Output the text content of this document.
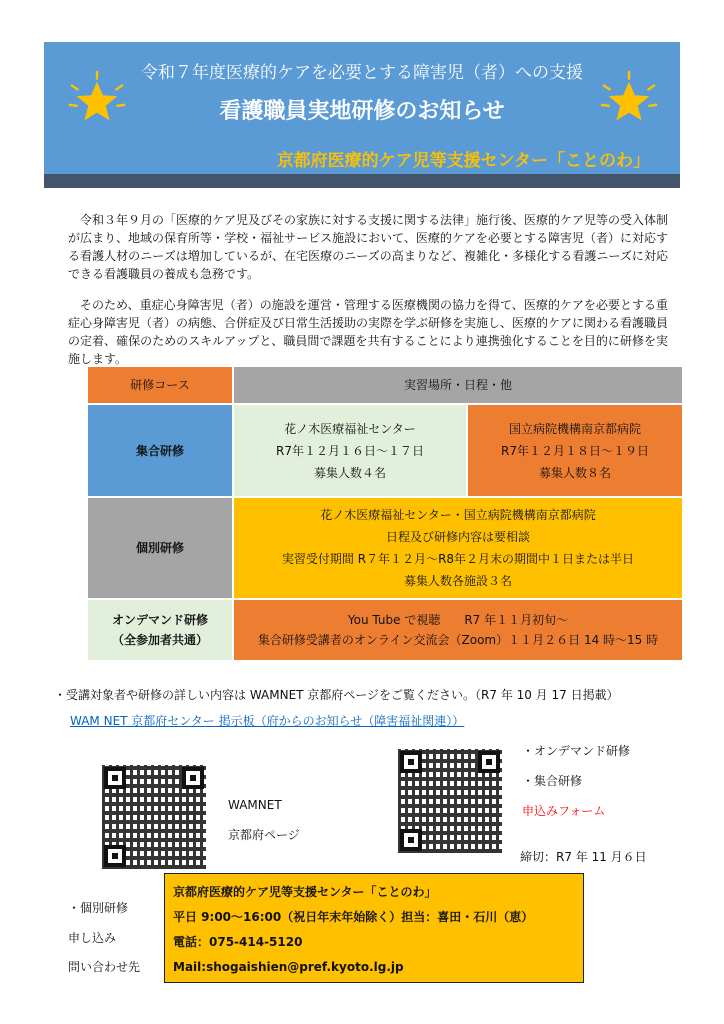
令和７年度医療的ケアを必要とする障害児（者）への支援
看護職員実地研修のお知らせ
京都府医療的ケア児等支援センター「ことのわ」
令和３年９月の「医療的ケア児及びその家族に対する支援に関する法律」施行後、医療的ケア児等の受入体制が広まり、地域の保育所等・学校・福祉サービス施設において、医療的ケアを必要とする障害児（者）に対応する看護人材のニーズは増加しているが、在宅医療のニーズの高まりなど、複雑化・多様化する看護ニーズに対応できる看護職員の養成も急務です。
そのため、重症心身障害児（者）の施設を運営・管理する医療機関の協力を得て、医療的ケアを必要とする重症心身障害児（者）の病態、合併症及び日常生活援助の実際を学ぶ研修を実施し、医療的ケアに関わる看護職員の定着、確保のためのスキルアップと、職員間で課題を共有することにより連携強化することを目的に研修を実施します。
研修コース	実習場所・日程・他
集合研修
花ノ木医療福祉センター
R7年１２月１６日～１７日
募集人数４名
国立病院機構南京都病院
R7年１２月１８日～１９日
募集人数８名
個別研修
花ノ木医療福祉センター・国立病院機構南京都病院
日程及び研修内容は要相談
実習受付期間 R７年１２月～R8年２月末の期間中１日または半日
募集人数各施設３名
オンデマンド研修
（全参加者共通）
You Tube で視聴　　R7 年１１月初旬～
集合研修受講者のオンライン交流会（Zoom）１１月２６日 14 時～15 時
・受講対象者や研修の詳しい内容は WAMNET 京都府ページをご覧ください。（R7 年 10 月 17 日掲載）
WAM NET 京都府センター 掲示板（府からのお知らせ（障害福祉関連））
WAMNET
京都府ページ
・オンデマンド研修
・集合研修
申込みフォーム
締切：R7 年 11 月６日
・個別研修
申し込み
問い合わせ先
京都府医療的ケア児等支援センター「ことのわ」
平日 9:00～16:00（祝日年末年始除く）担当：喜田・石川（恵）
電話：075-414-5120
Mail:shogaishien@pref.kyoto.lg.jp
